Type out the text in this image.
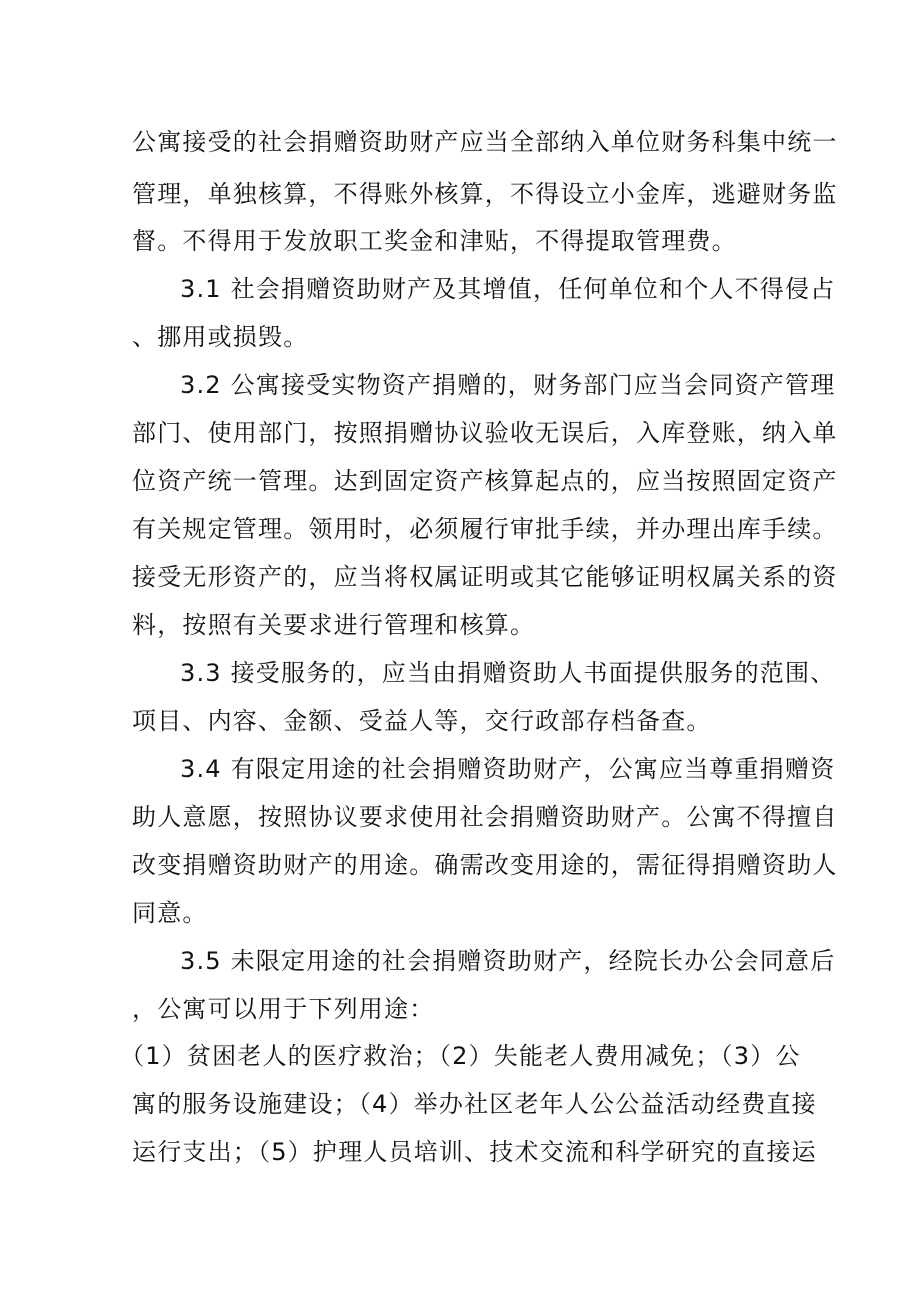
公寓接受的社会捐赠资助财产应当全部纳入单位财务科集中统一
管理，单独核算，不得账外核算，不得设立小金库，逃避财务监
督。不得用于发放职工奖金和津贴，不得提取管理费。
3.1 社会捐赠资助财产及其增值，任何单位和个人不得侵占
、挪用或损毁。
3.2 公寓接受实物资产捐赠的，财务部门应当会同资产管理
部门、使用部门，按照捐赠协议验收无误后，入库登账，纳入单
位资产统一管理。达到固定资产核算起点的，应当按照固定资产
有关规定管理。领用时，必须履行审批手续，并办理出库手续。
接受无形资产的，应当将权属证明或其它能够证明权属关系的资
料，按照有关要求进行管理和核算。
3.3 接受服务的，应当由捐赠资助人书面提供服务的范围、
项目、内容、金额、受益人等，交行政部存档备查。
3.4 有限定用途的社会捐赠资助财产，公寓应当尊重捐赠资
助人意愿，按照协议要求使用社会捐赠资助财产。公寓不得擅自
改变捐赠资助财产的用途。确需改变用途的，需征得捐赠资助人
同意。
3.5 未限定用途的社会捐赠资助财产，经院长办公会同意后
，公寓可以用于下列用途：
（1）贫困老人的医疗救治；（2）失能老人费用减免；（3）公
寓的服务设施建设；（4）举办社区老年人公公益活动经费直接
运行支出；（5）护理人员培训、技术交流和科学研究的直接运
